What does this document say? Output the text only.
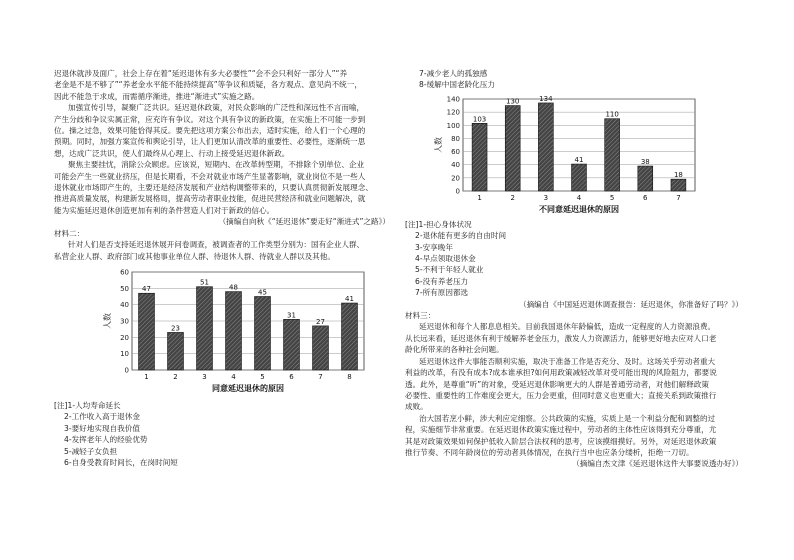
迟退休就涉及面广，社会上存在着“延迟退休有多大必要性”“会不会只利好一部分人”“养

老金是不是不够了”“养老金水平能不能持续提高”等争议和质疑，各方观点、意见尚不统一，

因此不能急于求成，而需循序渐进，推进“渐进式”实施之路。

加强宣传引导，凝聚广泛共识。延迟退休政策，对民众影响的广泛性和深远性不言而喻，

产生分歧和争议实属正常，应充许有争议。对这个具有争议的新政策，在实施上不可能一步到

位。操之过急，效果可能恰得其反。要先把这项方案公布出去，适时实施，给人们一个心理的

预期。同时，加强方案宣传和舆论引导，让人们更加认清改革的重要性、必要性，逐渐统一思

想，达成广泛共识，使人们最终从心理上、行动上接受延迟退休新政。

聚焦主要挂忧，消除公众顾虑。应该说，短期内、在改革转型期，不排除个别单位、企业

可能会产生一些就业挤压，但是长期看，不会对就业市场产生显著影响，就业岗位不是一些人

退休就业市场即产生的，主要还是经济发展和产业结构调整带来的，只要认真贯彻新发展理念、

推进高质量发展，构建新发展格局，提高劳动者职业技能，促进民营经济和就业问题解决，就

能为实施延迟退休创造更加有利的条件营造人们对于新政的信心。

（摘编自向秋《“延迟退休”要走好“渐进式”之路》）

材料二：

针对人们是否支持延迟退休展开问卷调查，被调查者的工作类型分别为：国有企业人群、

私营企业人群、政府部门或其他事业单位人群、待退休人群、待就业人群以及其他。

0
10
20
30
40
50
60
47
1
23
2
51
3
48
4
45
5
31
6
27
7
41
8
人数
同意延迟退休的原因

[注]1-人均寿命延长

2-工作收入高于退休金

3-要好地实现自我价值

4-发挥老年人的经验优势

5-减轻子女负担

6-自身受教育时间长，在岗时间短

7-减少老人的孤独感

8-缓解中国老龄化压力

0
20
40
60
80
100
120
140
103
1
130
2
134
3
41
4
110
5
38
6
18
7
人数
不同意延迟退休的原因

[注]1-担心身体状况

2-退休能有更多的自由时间

3-安享晚年

4-早点领取退休金

5-不利于年轻人就业

6-没有养老压力

7-所有原因都选

（摘编自《中国延迟退休调查报告：延迟退休，你准备好了吗？》）

材料三：

延迟退休和每个人都息息相关。目前我国退休年龄偏低，造成一定程度的人力资源浪费。

从长远来看，延迟退休有利于缓解养老金压力，激发人力资源活力，能够更好地去应对人口老

龄化所带来的各种社会问题。

延迟退休这件大事能否顺利实施，取决于准备工作是否充分、及时。这场关乎劳动者重大

利益的改革，有没有成本?成本谁承担?如何用政策减轻改革对受可能出现的风险阻力，都要说

透。此外，是尊重“听”的对象，受延迟退休影响更大的人群是普通劳动者，对他们解释政策

必要性、重要性的工作难度会更大，压力会更重，但同时意义也更重大；直接关系到政策推行

成败。

治大国若烹小鲜，涉大利应定细察。公共政策的实施，实质上是一个利益分配和调整的过

程，实施细节非常重要。在延迟退休政策实施过程中，劳动者的主体性应该得到充分尊重，尤

其是对政策效果如何保护低收入阶层合法权利的思考，应该摸细摸好。另外，对延迟退休政策

推行节奏、不同年龄岗位的劳动者具体情况，在执行当中也应条分缕析，拒绝一刀切。

（摘编自杰文津《延迟退休这件大事要说透办好》）
